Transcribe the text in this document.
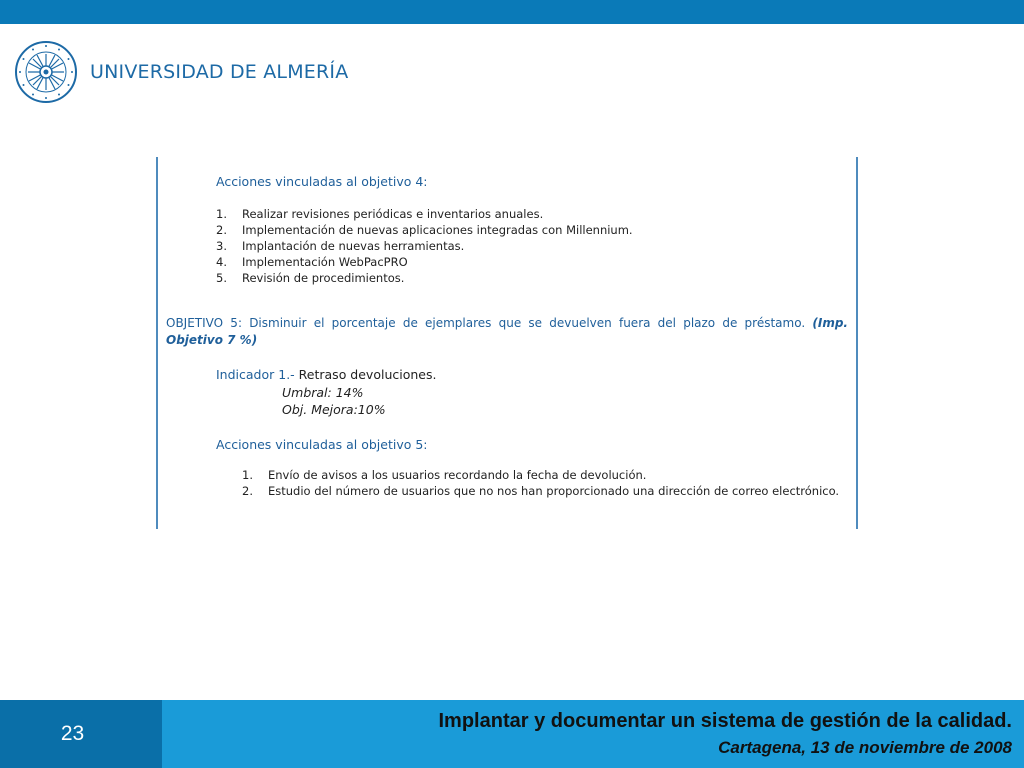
UNIVERSIDAD DE ALMERÍA
Acciones vinculadas al objetivo 4:
1. Realizar revisiones periódicas e inventarios anuales.
2. Implementación de nuevas aplicaciones integradas con Millennium.
3. Implantación de nuevas herramientas.
4. Implementación WebPacPRO
5. Revisión de procedimientos.
OBJETIVO 5: Disminuir el porcentaje de ejemplares que se devuelven fuera del plazo de préstamo. (Imp. Objetivo 7 %)
Indicador 1.- Retraso devoluciones.
Umbral: 14%
Obj. Mejora:10%
Acciones vinculadas al objetivo 5:
1. Envío de avisos a los usuarios recordando la fecha de devolución.
2. Estudio del número de usuarios que no nos han proporcionado una dirección de correo electrónico.
23
Implantar y documentar un sistema de gestión de la calidad.
Cartagena, 13 de noviembre de 2008
